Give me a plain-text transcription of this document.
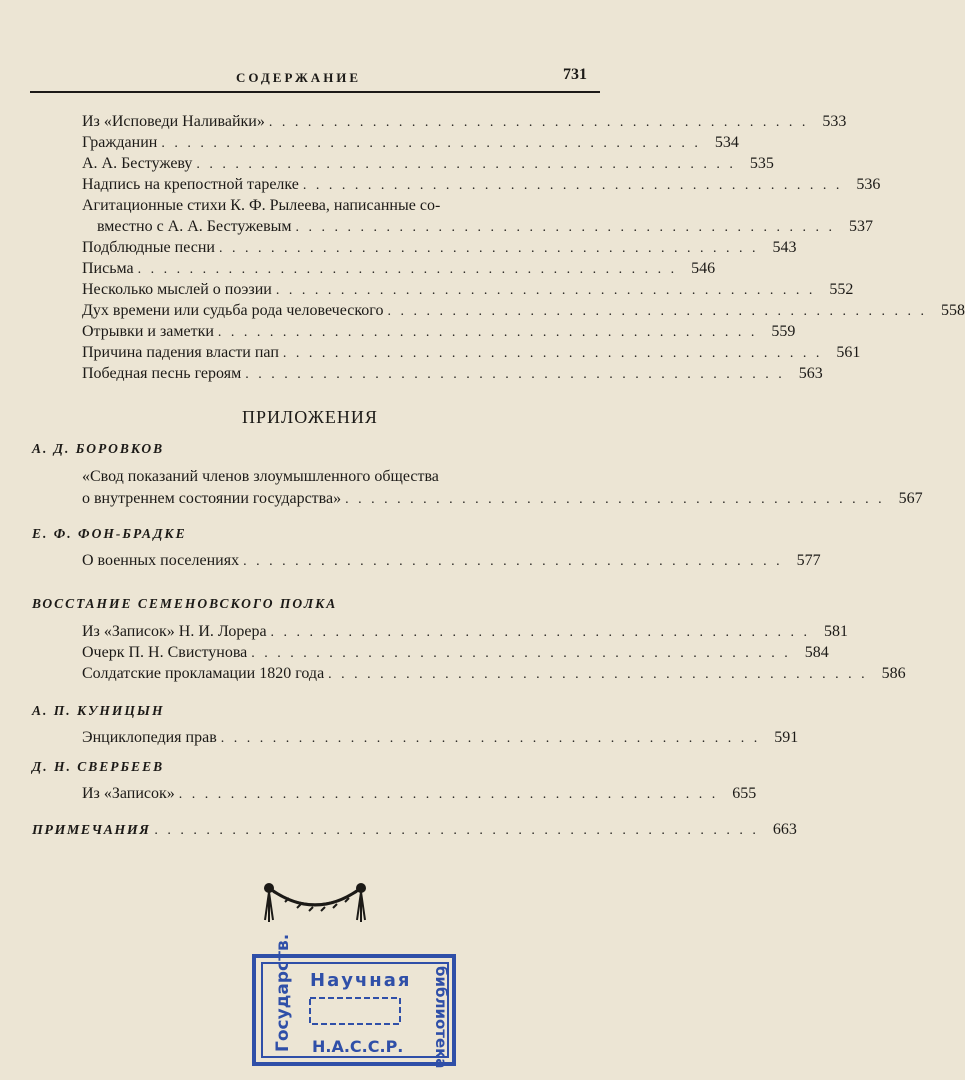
СОДЕРЖАНИЕ	731
Из «Исповеди Наливайки» . . . . . . . . . . . . . . . . . . . . . . . . . . . . . . . . . . . . . . . . . . 533
Гражданин . . . . . . . . . . . . . . . . . . . . . . . . . . . . . . . . . . . . . . . . . . 534
А. А. Бестужеву . . . . . . . . . . . . . . . . . . . . . . . . . . . . . . . . . . . . . . . . . . 535
Надпись на крепостной тарелке . . . . . . . . . . . . . . . . . . . . . . . . . . . . . . . . . . . . . . . . . . 536
Агитационные стихи К. Ф. Рылеева, написанные со-
вместно с А. А. Бестужевым . . . . . . . . . . . . . . . . . . . . . . . . . . . . . . . . . . . . . . . . . . 537
Подблюдные песни . . . . . . . . . . . . . . . . . . . . . . . . . . . . . . . . . . . . . . . . . . 543
Письма . . . . . . . . . . . . . . . . . . . . . . . . . . . . . . . . . . . . . . . . . . 546
Несколько мыслей о поэзии . . . . . . . . . . . . . . . . . . . . . . . . . . . . . . . . . . . . . . . . . . 552
Дух времени или судьба рода человеческого . . . . . . . . . . . . . . . . . . . . . . . . . . . . . . . . . . . . . . . . . . 558
Отрывки и заметки . . . . . . . . . . . . . . . . . . . . . . . . . . . . . . . . . . . . . . . . . . 559
Причина падения власти пап . . . . . . . . . . . . . . . . . . . . . . . . . . . . . . . . . . . . . . . . . . 561
Победная песнь героям . . . . . . . . . . . . . . . . . . . . . . . . . . . . . . . . . . . . . . . . . . 563
ПРИЛОЖЕНИЯ
А. Д. БОРОВКОВ
«Свод показаний членов злоумышленного общества
о внутреннем состоянии государства» . . . . . . . . . . . . . . . . . . . . . . . . . . . . . . . . . . . . . . . . . . 567
Е. Ф. ФОН-БРАДКЕ
О военных поселениях . . . . . . . . . . . . . . . . . . . . . . . . . . . . . . . . . . . . . . . . . . 577
ВОССТАНИЕ СЕМЕНОВСКОГО ПОЛКА
Из «Записок» Н. И. Лорера . . . . . . . . . . . . . . . . . . . . . . . . . . . . . . . . . . . . . . . . . . 581
Очерк П. Н. Свистунова . . . . . . . . . . . . . . . . . . . . . . . . . . . . . . . . . . . . . . . . . . 584
Солдатские прокламации 1820 года . . . . . . . . . . . . . . . . . . . . . . . . . . . . . . . . . . . . . . . . . . 586
А. П. КУНИЦЫН
Энциклопедия прав . . . . . . . . . . . . . . . . . . . . . . . . . . . . . . . . . . . . . . . . . . 591
Д. Н. СВЕРБЕЕВ
Из «Записок» . . . . . . . . . . . . . . . . . . . . . . . . . . . . . . . . . . . . . . . . . . 655
ПРИМЕЧАНИЯ . . . . . . . . . . . . . . . . . . . . . . . . . . . . . . . . . . . . . . . . . . . . . . . 663
Государств. Научная библиотека
Н.А.С.С.Р.
